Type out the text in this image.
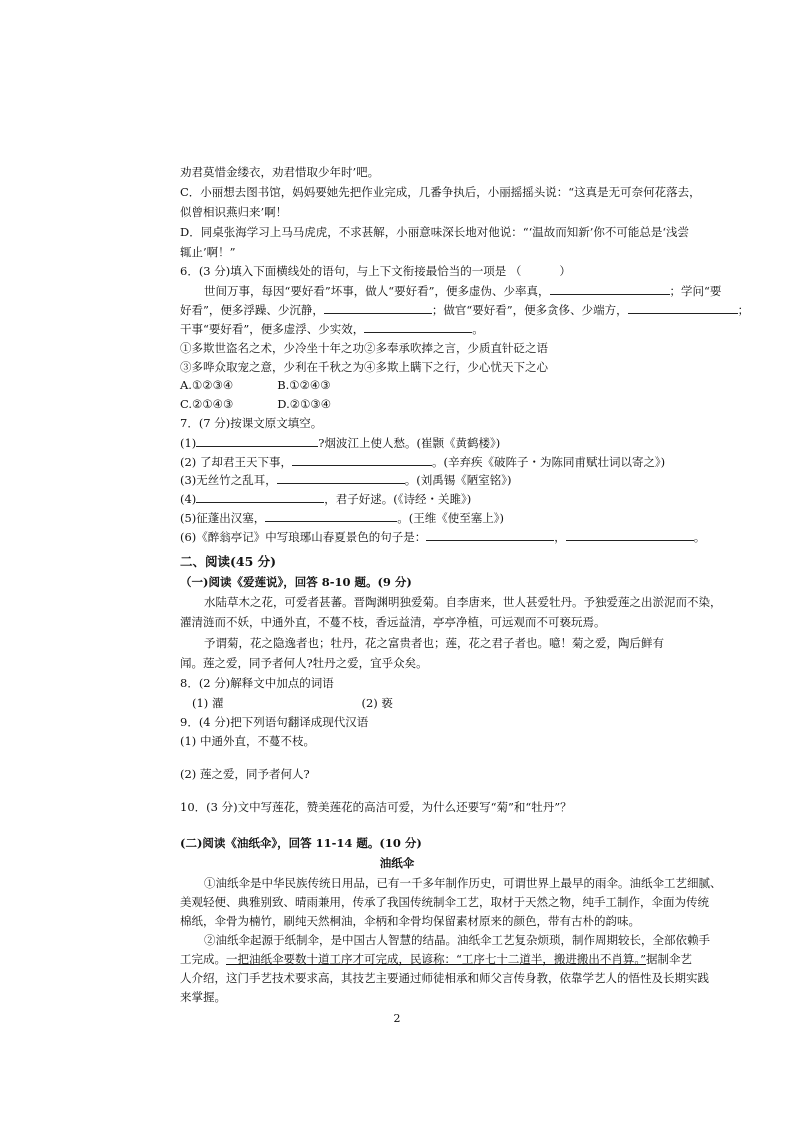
劝君莫惜金缕衣，劝君惜取少年时’吧。
C．小丽想去图书馆，妈妈要她先把作业完成，几番争执后，小丽摇摇头说：“这真是无可奈何花落去，
似曾相识燕归来’啊！
D．同桌张海学习上马马虎虎，不求甚解，小丽意味深长地对他说：“‘温故而知新’你不可能总是‘浅尝
辄止’啊！”
6．(3 分)填入下面横线处的语句，与上下文衔接最恰当的一项是 （	）
世间万事，每因“要好看”坏事，做人“要好看”，便多虚伪、少率真，	；学问“要
好看”，便多浮躁、少沉静，	；做官“要好看”，便多贪侈、少端方，	；
干事“要好看”，便多虚浮、少实效，	。
①多欺世盗名之术，少冷坐十年之功②多奉承吹捧之言，少质直针砭之语
③多哗众取宠之意，少利在千秋之为④多欺上瞒下之行，少心忧天下之心
A.①②③④	B.①②④③
C.②①④③	D.②①③④
7．(7 分)按课文原文填空。
(1)	?烟波江上使人愁。(崔颢《黄鹤楼》)
(2) 了却君王天下事，	。(辛弃疾《破阵子・为陈同甫赋壮词以寄之》)
(3)无丝竹之乱耳，	。(刘禹锡《陋室铭》)
(4)	，君子好逑。(《诗经・关雎》)
(5)征蓬出汉塞，	。(王维《使至塞上》)
(6)《醉翁亭记》中写琅琊山春夏景色的句子是：	，	。
二、阅读(45 分)
（一)阅读《爱莲说》，回答 8-10 题。(9 分)
水陆草木之花，可爱者甚蕃。晋陶渊明独爱菊。自李唐来，世人甚爱牡丹。予独爱莲之出淤泥而不染，
濯清涟而不妖，中通外直，不蔓不枝，香远益清，亭亭净植，可远观而不可亵玩焉。
予谓菊，花之隐逸者也；牡丹，花之富贵者也；莲，花之君子者也。噫！菊之爱，陶后鲜有
闻。莲之爱，同予者何人?牡丹之爱，宜乎众矣。
8．(2 分)解释文中加点的词语
(1) 濯	(2) 亵
9．(4 分)把下列语句翻译成现代汉语
(1) 中通外直，不蔓不枝。
(2) 莲之爱，同予者何人?
10．(3 分)文中写莲花，赞美莲花的高洁可爱，为什么还要写“菊”和“牡丹”？
(二)阅读《油纸伞》，回答 11-14 题。(10 分)
油纸伞
①油纸伞是中华民族传统日用品，已有一千多年制作历史，可谓世界上最早的雨伞。油纸伞工艺细腻、
美观轻便、典雅别致、晴雨兼用，传承了我国传统制伞工艺，取材于天然之物，纯手工制作，伞面为传统
棉纸，伞骨为楠竹，刷纯天然桐油，伞柄和伞骨均保留素材原来的颜色，带有古朴的韵味。
②油纸伞起源于纸制伞，是中国古人智慧的结晶。油纸伞工艺复杂烦琐，制作周期较长，全部依赖手
工完成。一把油纸伞要数十道工序才可完成，民谚称：“工序七十二道半，搬进搬出不肖算。”据制伞艺
人介绍，这门手艺技术要求高，其技艺主要通过师徒相承和师父言传身教，依靠学艺人的悟性及长期实践
来掌握。
2
